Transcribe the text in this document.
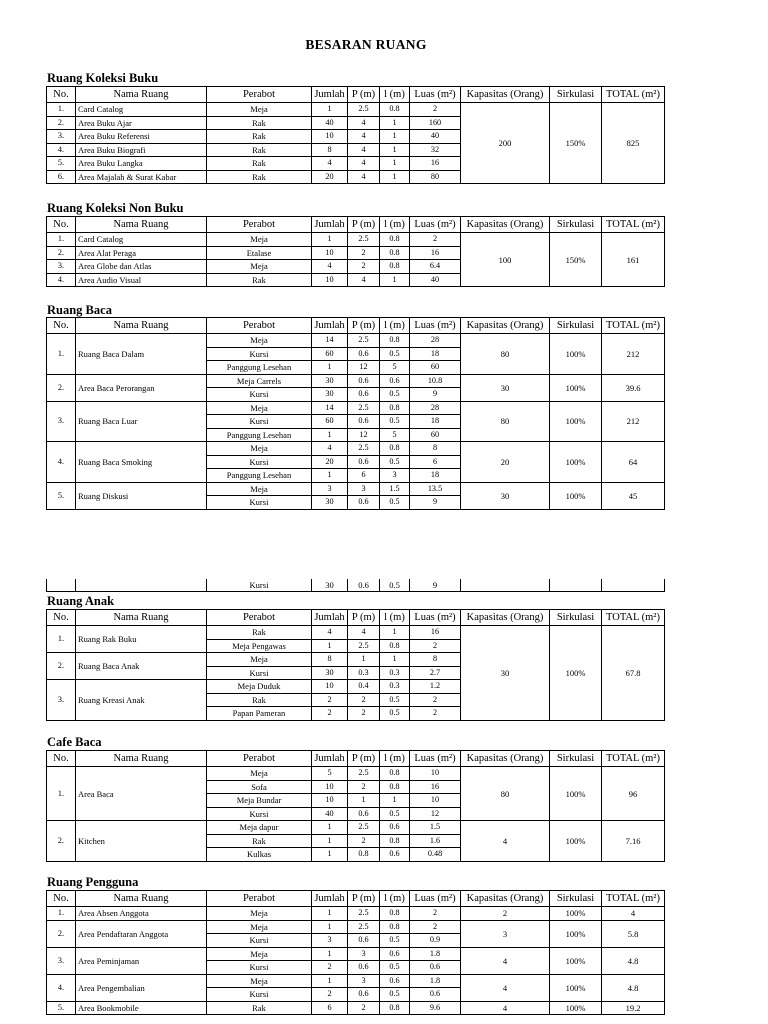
BESARAN RUANG
Ruang Koleksi Buku
No.	Nama Ruang	Perabot	Jumlah	P (m)	l (m)	Luas (m²)	Kapasitas (Orang)	Sirkulasi	TOTAL (m²)
1.	Card Catalog	Meja	1	2.5	0.8	2	200	150%	825
2.	Area Buku Ajar	Rak	40	4	1	160			
3.	Area Buku Referensi	Rak	10	4	1	40			
4.	Area Buku Biografi	Rak	8	4	1	32			
5.	Area Buku Langka	Rak	4	4	1	16			
6.	Area Majalah & Surat Kabar	Rak	20	4	1	80			
Ruang Koleksi Non Buku
No.	Nama Ruang	Perabot	Jumlah	P (m)	l (m)	Luas (m²)	Kapasitas (Orang)	Sirkulasi	TOTAL (m²)
1.	Card Catalog	Meja	1	2.5	0.8	2	100	150%	161
2.	Area Alat Peraga	Etalase	10	2	0.8	16			
3.	Area Globe dan Atlas	Meja	4	2	0.8	6.4			
4.	Area Audio Visual	Rak	10	4	1	40			
Ruang Baca
No.	Nama Ruang	Perabot	Jumlah	P (m)	l (m)	Luas (m²)	Kapasitas (Orang)	Sirkulasi	TOTAL (m²)
1.	Ruang Baca Dalam	Meja	14	2.5	0.8	28	80	100%	212
		Kursi	60	0.6	0.5	18			
		Panggung Lesehan	1	12	5	60			
2.	Area Baca Perorangan	Meja Carrels	30	0.6	0.6	10.8	30	100%	39.6
		Kursi	30	0.6	0.5	9			
3.	Ruang Baca Luar	Meja	14	2.5	0.8	28	80	100%	212
		Kursi	60	0.6	0.5	18			
		Panggung Lesehan	1	12	5	60			
4.	Ruang Baca Smoking	Meja	4	2.5	0.8	8	20	100%	64
		Kursi	20	0.6	0.5	6			
		Panggung Lesehan	1	6	3	18			
5.	Ruang Diskusi	Meja	3	3	1.5	13.5	30	100%	45
		Kursi	30	0.6	0.5	9			
		Kursi	30	0.6	0.5	9			
Ruang Anak
No.	Nama Ruang	Perabot	Jumlah	P (m)	l (m)	Luas (m²)	Kapasitas (Orang)	Sirkulasi	TOTAL (m²)
1.	Ruang Rak Buku	Rak	4	4	1	16	30	100%	67.8
		Meja Pengawas	1	2.5	0.8	2			
2.	Ruang Baca Anak	Meja	8	1	1	8			
		Kursi	30	0.3	0.3	2.7			
3.	Ruang Kreasi Anak	Meja Duduk	10	0.4	0.3	1.2			
		Rak	2	2	0.5	2			
		Papan Pameran	2	2	0.5	2			
Cafe Baca
No.	Nama Ruang	Perabot	Jumlah	P (m)	l (m)	Luas (m²)	Kapasitas (Orang)	Sirkulasi	TOTAL (m²)
1.	Area Baca	Meja	5	2.5	0.8	10	80	100%	96
		Sofa	10	2	0.8	16			
		Meja Bundar	10	1	1	10			
		Kursi	40	0.6	0.5	12			
2.	Kitchen	Meja dapur	1	2.5	0.6	1.5	4	100%	7.16
		Rak	1	2	0.8	1.6			
		Kulkas	1	0.8	0.6	0.48			
Ruang Pengguna
No.	Nama Ruang	Perabot	Jumlah	P (m)	l (m)	Luas (m²)	Kapasitas (Orang)	Sirkulasi	TOTAL (m²)
1.	Area Absen Anggota	Meja	1	2.5	0.8	2	2	100%	4
2.	Area Pendaftaran Anggota	Meja	1	2.5	0.8	2	3	100%	5.8
		Kursi	3	0.6	0.5	0.9			
3.	Area Peminjaman	Meja	1	3	0.6	1.8	4	100%	4.8
		Kursi	2	0.6	0.5	0.6			
4.	Area Pengembalian	Meja	1	3	0.6	1.8	4	100%	4.8
		Kursi	2	0.6	0.5	0.6			
5.	Area Bookmobile	Rak	6	2	0.8	9.6	4	100%	19.2
